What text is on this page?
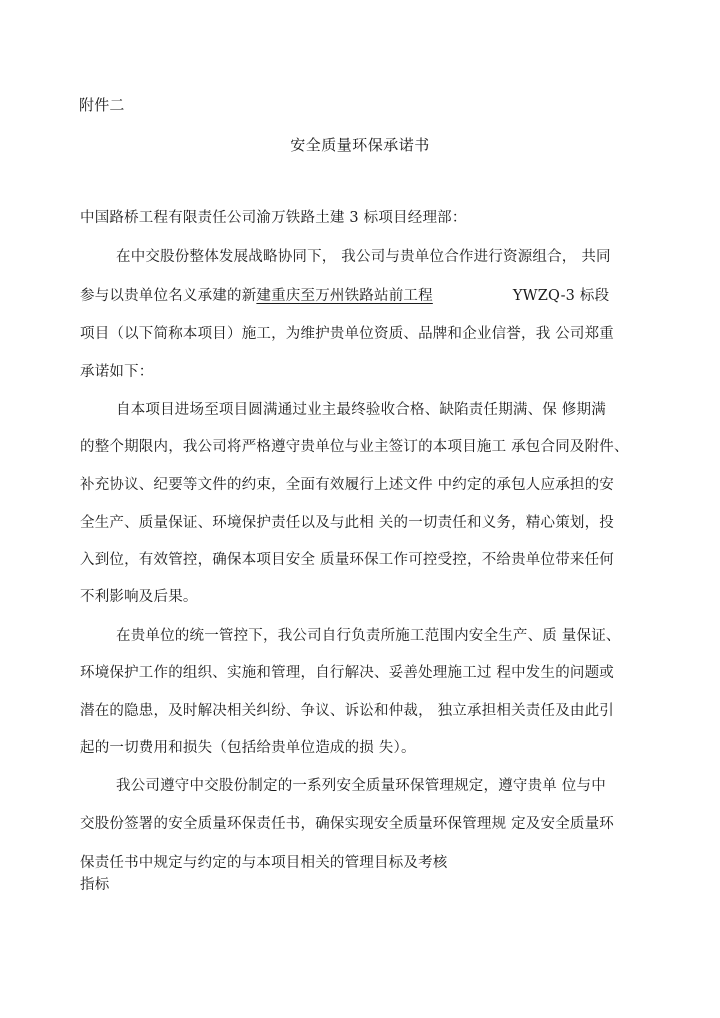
附件二
安全质量环保承诺书
中国路桥工程有限责任公司渝万铁路土建 3 标项目经理部：
在中交股份整体发展战略协同下， 我公司与贵单位合作进行资源组合， 共同
参与以贵单位名义承建的新建重庆至万州铁路站前工程	YWZQ-3 标段
项目（以下简称本项目）施工，为维护贵单位资质、品牌和企业信誉，我 公司郑重
承诺如下：
自本项目进场至项目圆满通过业主最终验收合格、缺陷责任期满、保 修期满
的整个期限内，我公司将严格遵守贵单位与业主签订的本项目施工 承包合同及附件、
补充协议、纪要等文件的约束，全面有效履行上述文件 中约定的承包人应承担的安
全生产、质量保证、环境保护责任以及与此相 关的一切责任和义务，精心策划，投
入到位，有效管控，确保本项目安全 质量环保工作可控受控，不给贵单位带来任何
不利影响及后果。
在贵单位的统一管控下，我公司自行负责所施工范围内安全生产、质 量保证、
环境保护工作的组织、实施和管理，自行解决、妥善处理施工过 程中发生的问题或
潜在的隐患，及时解决相关纠纷、争议、诉讼和仲裁， 独立承担相关责任及由此引
起的一切费用和损失（包括给贵单位造成的损 失）。
我公司遵守中交股份制定的一系列安全质量环保管理规定，遵守贵单 位与中
交股份签署的安全质量环保责任书，确保实现安全质量环保管理规 定及安全质量环
保责任书中规定与约定的与本项目相关的管理目标及考核
指标
